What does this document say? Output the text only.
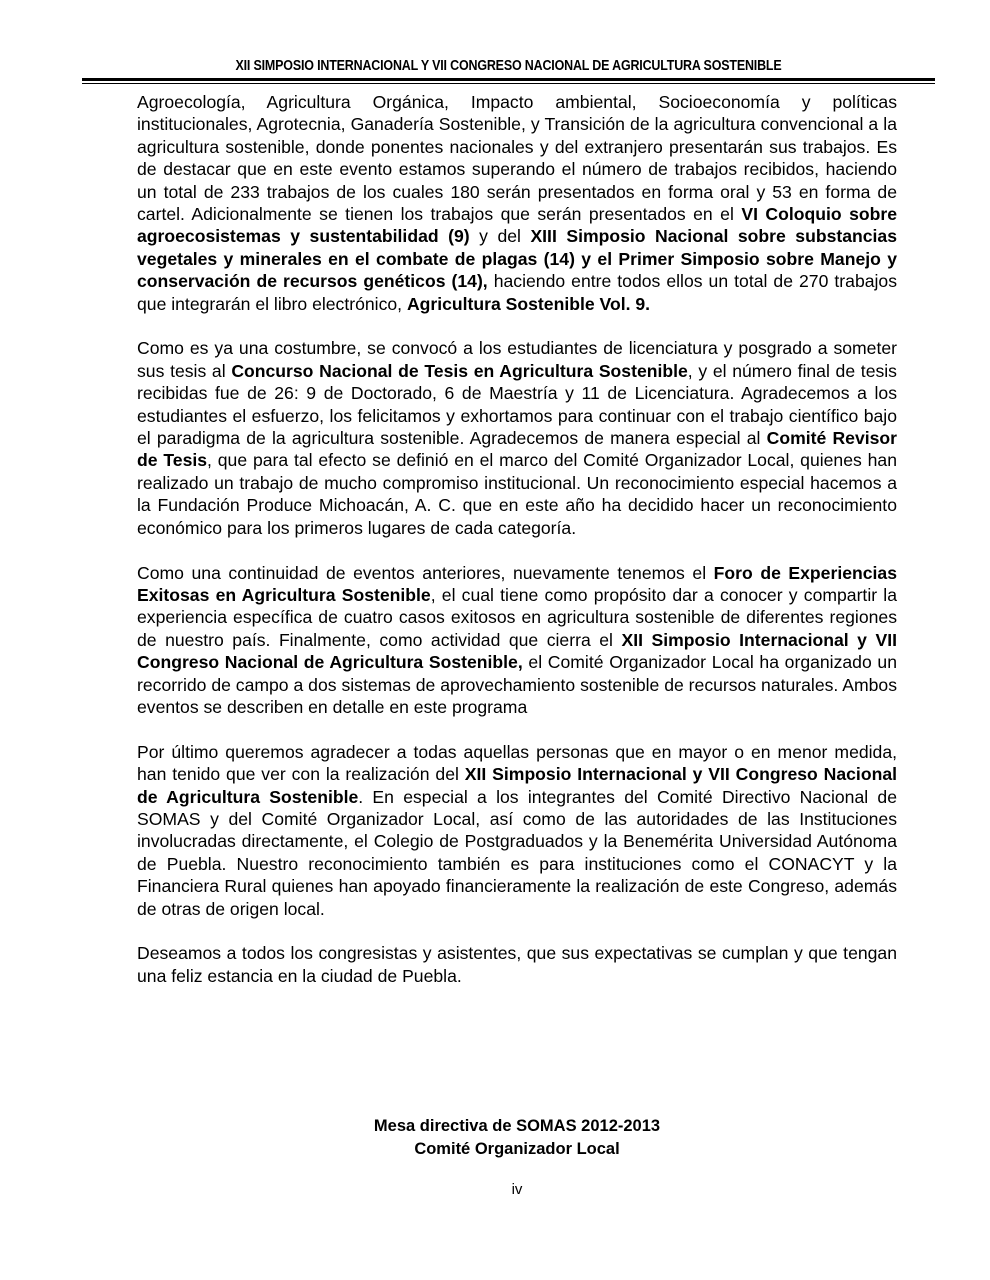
XII SIMPOSIO INTERNACIONAL Y VII CONGRESO NACIONAL DE AGRICULTURA SOSTENIBLE

Agroecología, Agricultura Orgánica, Impacto ambiental, Socioeconomía y políticas institucionales, Agrotecnia, Ganadería Sostenible, y Transición de la agricultura convencional a la agricultura sostenible, donde ponentes nacionales y del extranjero presentarán sus trabajos. Es de destacar que en este evento estamos superando el número de trabajos recibidos, haciendo un total de 233 trabajos de los cuales 180 serán presentados en forma oral y 53 en forma de cartel. Adicionalmente se tienen los trabajos que serán presentados en el VI Coloquio sobre agroecosistemas y sustentabilidad (9) y del XIII Simposio Nacional sobre substancias vegetales y minerales en el combate de plagas (14) y el Primer Simposio sobre Manejo y conservación de recursos genéticos (14), haciendo entre todos ellos un total de 270 trabajos que integrarán el libro electrónico, Agricultura Sostenible Vol. 9.

Como es ya una costumbre, se convocó a los estudiantes de licenciatura y posgrado a someter sus tesis al Concurso Nacional de Tesis en Agricultura Sostenible, y el número final de tesis recibidas fue de 26: 9 de Doctorado, 6 de Maestría y 11 de Licenciatura. Agradecemos a los estudiantes el esfuerzo, los felicitamos y exhortamos para continuar con el trabajo científico bajo el paradigma de la agricultura sostenible. Agradecemos de manera especial al Comité Revisor de Tesis, que para tal efecto se definió en el marco del Comité Organizador Local, quienes han realizado un trabajo de mucho compromiso institucional. Un reconocimiento especial hacemos a la Fundación Produce Michoacán, A. C. que en este año ha decidido hacer un reconocimiento económico para los primeros lugares de cada categoría.

Como una continuidad de eventos anteriores, nuevamente tenemos el Foro de Experiencias Exitosas en Agricultura Sostenible, el cual tiene como propósito dar a conocer y compartir la experiencia específica de cuatro casos exitosos en agricultura sostenible de diferentes regiones de nuestro país. Finalmente, como actividad que cierra el XII Simposio Internacional y VII Congreso Nacional de Agricultura Sostenible, el Comité Organizador Local ha organizado un recorrido de campo a dos sistemas de aprovechamiento sostenible de recursos naturales. Ambos eventos se describen en detalle en este programa

Por último queremos agradecer a todas aquellas personas que en mayor o en menor medida, han tenido que ver con la realización del XII Simposio Internacional y VII Congreso Nacional de Agricultura Sostenible. En especial a los integrantes del Comité Directivo Nacional de SOMAS y del Comité Organizador Local, así como de las autoridades de las Instituciones involucradas directamente, el Colegio de Postgraduados y la Benemérita Universidad Autónoma de Puebla. Nuestro reconocimiento también es para instituciones como el CONACYT y la Financiera Rural quienes han apoyado financieramente la realización de este Congreso, además de otras de origen local.

Deseamos a todos los congresistas y asistentes, que sus expectativas se cumplan y que tengan una feliz estancia en la ciudad de Puebla.

Mesa directiva de SOMAS 2012-2013
Comité Organizador Local
iv
